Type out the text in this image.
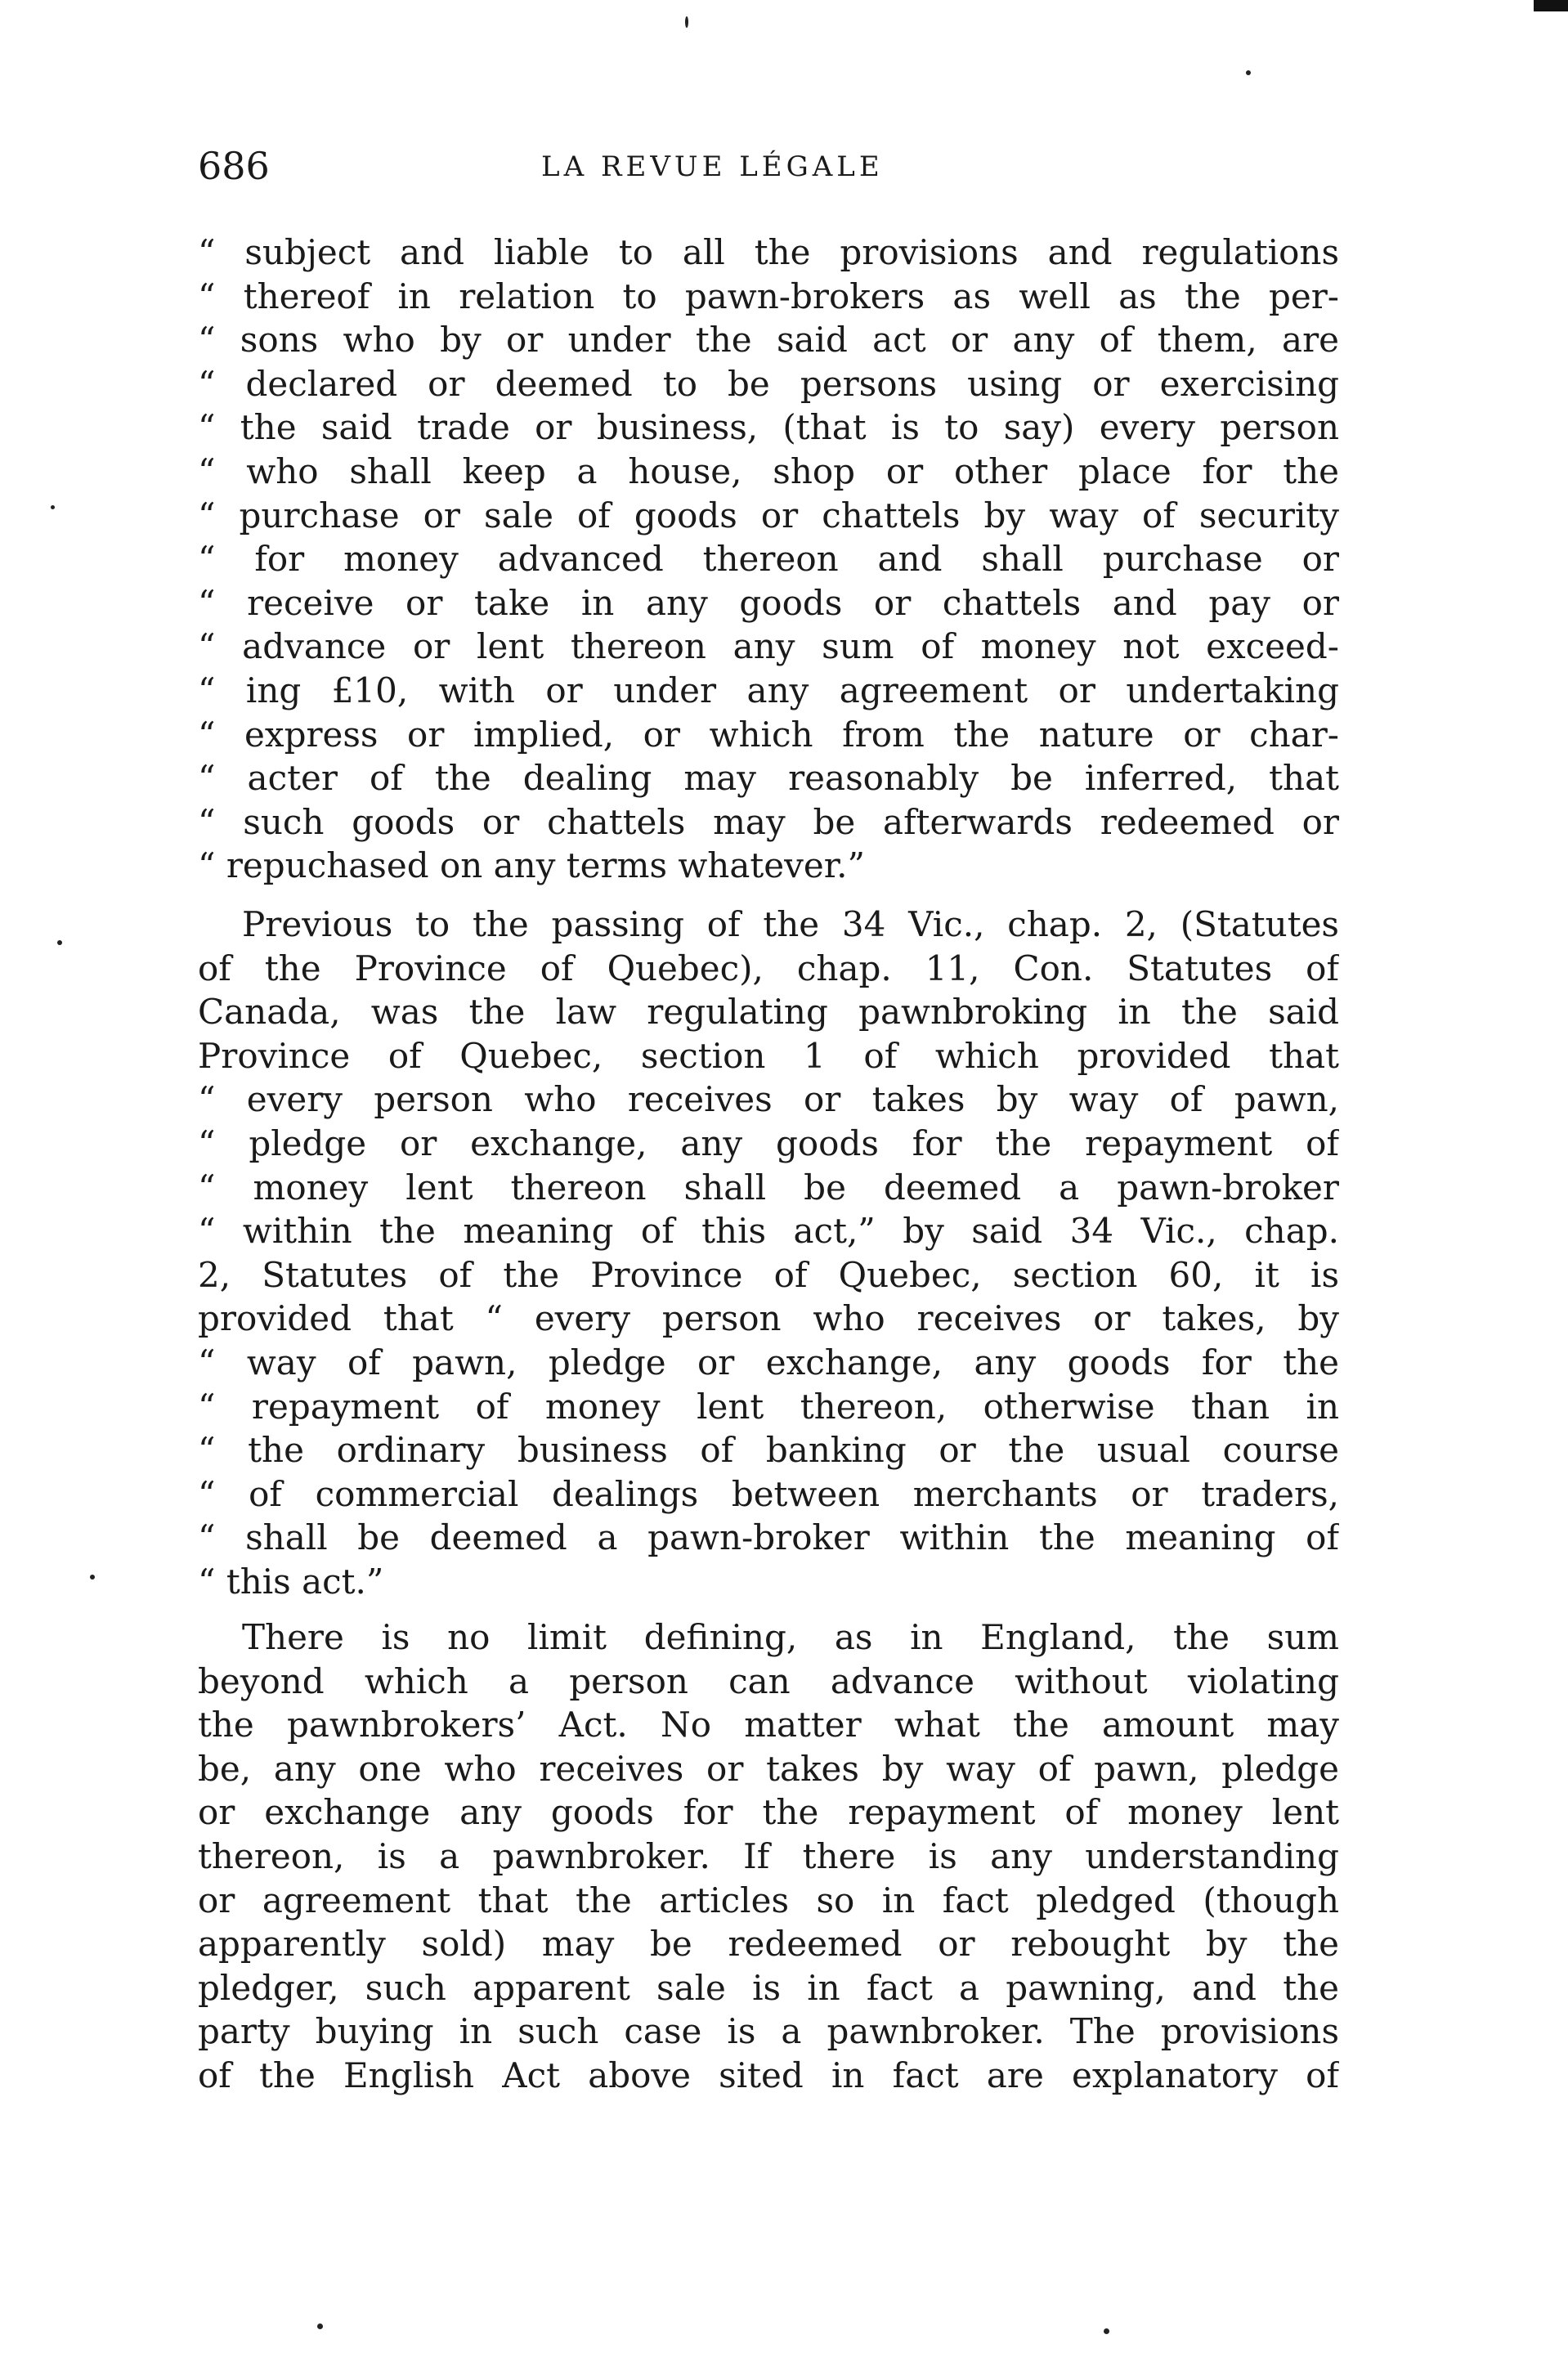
686	LA REVUE LÉGALE
“ subject and liable to all the provisions and regulations
“ thereof in relation to pawn-brokers as well as the per-
“ sons who by or under the said act or any of them, are
“ declared or deemed to be persons using or exercising
“ the said trade or business, (that is to say) every person
“ who shall keep a house, shop or other place for the
“ purchase or sale of goods or chattels by way of security
“ for money advanced thereon and shall purchase or
“ receive or take in any goods or chattels and pay or
“ advance or lent thereon any sum of money not exceed-
“ ing £10, with or under any agreement or undertaking
“ express or implied, or which from the nature or char-
“ acter of the dealing may reasonably be inferred, that
“ such goods or chattels may be afterwards redeemed or
“ repuchased on any terms whatever.”
Previous to the passing of the 34 Vic., chap. 2, (Statutes
of the Province of Quebec), chap. 11, Con. Statutes of
Canada, was the law regulating pawnbroking in the said
Province of Quebec, section 1 of which provided that
“ every person who receives or takes by way of pawn,
“ pledge or exchange, any goods for the repayment of
“ money lent thereon shall be deemed a pawn-broker
“ within the meaning of this act,” by said 34 Vic., chap.
2, Statutes of the Province of Quebec, section 60, it is
provided that “ every person who receives or takes, by
“ way of pawn, pledge or exchange, any goods for the
“ repayment of money lent thereon, otherwise than in
“ the ordinary business of banking or the usual course
“ of commercial dealings between merchants or traders,
“ shall be deemed a pawn-broker within the meaning of
“ this act.”
There is no limit defining, as in England, the sum
beyond which a person can advance without violating
the pawnbrokers’ Act. No matter what the amount may
be, any one who receives or takes by way of pawn, pledge
or exchange any goods for the repayment of money lent
thereon, is a pawnbroker. If there is any understanding
or agreement that the articles so in fact pledged (though
apparently sold) may be redeemed or rebought by the
pledger, such apparent sale is in fact a pawning, and the
party buying in such case is a pawnbroker. The provisions
of the English Act above sited in fact are explanatory of
